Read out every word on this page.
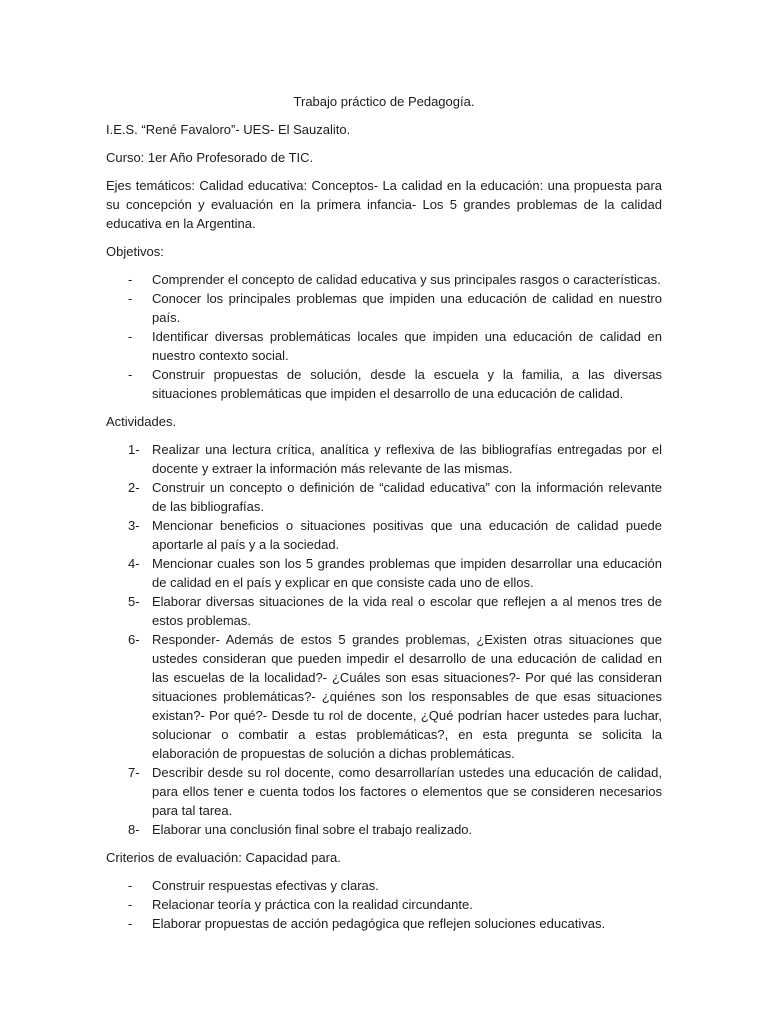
Trabajo práctico de Pedagogía.

I.E.S. “René Favaloro”- UES- El Sauzalito.

Curso: 1er Año Profesorado de TIC.

Ejes temáticos: Calidad educativa: Conceptos- La calidad en la educación: una propuesta para su concepción y evaluación en la primera infancia- Los 5 grandes problemas de la calidad educativa en la Argentina.

Objetivos:

- Comprender el concepto de calidad educativa y sus principales rasgos o características.
- Conocer los principales problemas que impiden una educación de calidad en nuestro país.
- Identificar diversas problemáticas locales que impiden una educación de calidad en nuestro contexto social.
- Construir propuestas de solución, desde la escuela y la familia, a las diversas situaciones problemáticas que impiden el desarrollo de una educación de calidad.

Actividades.

1- Realizar una lectura crítica, analítica y reflexiva de las bibliografías entregadas por el docente y extraer la información más relevante de las mismas.
2- Construir un concepto o definición de “calidad educativa” con la información relevante de las bibliografías.
3- Mencionar beneficios o situaciones positivas que una educación de calidad puede aportarle al país y a la sociedad.
4- Mencionar cuales son los 5 grandes problemas que impiden desarrollar una educación de calidad en el país y explicar en que consiste cada uno de ellos.
5- Elaborar diversas situaciones de la vida real o escolar que reflejen a al menos tres de estos problemas.
6- Responder- Además de estos 5 grandes problemas, ¿Existen otras situaciones que ustedes consideran que pueden impedir el desarrollo de una educación de calidad en las escuelas de la localidad?- ¿Cuáles son esas situaciones?- Por qué las consideran situaciones problemáticas?- ¿quiénes son los responsables de que esas situaciones existan?- Por qué?- Desde tu rol de docente, ¿Qué podrían hacer ustedes para luchar, solucionar o combatir a estas problemáticas?, en esta pregunta se solicita la elaboración de propuestas de solución a dichas problemáticas.
7- Describir desde su rol docente, como desarrollarían ustedes una educación de calidad, para ellos tener e cuenta todos los factores o elementos que se consideren necesarios para tal tarea.
8- Elaborar una conclusión final sobre el trabajo realizado.

Criterios de evaluación: Capacidad para.

- Construir respuestas efectivas y claras.
- Relacionar teoría y práctica con la realidad circundante.
- Elaborar propuestas de acción pedagógica que reflejen soluciones educativas.
